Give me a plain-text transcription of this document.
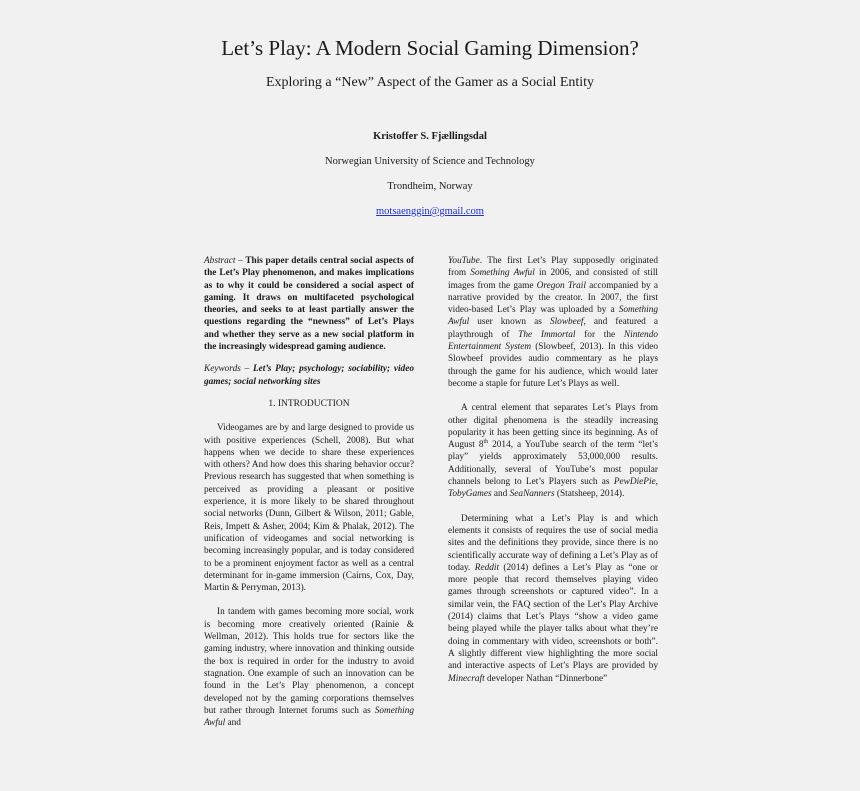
Let’s Play: A Modern Social Gaming Dimension?
Exploring a “New” Aspect of the Gamer as a Social Entity
Kristoffer S. Fjællingsdal
Norwegian University of Science and Technology
Trondheim, Norway
motsaenggin@gmail.com

Abstract – This paper details central social aspects of the Let’s Play phenomenon, and makes implications as to why it could be considered a social aspect of gaming. It draws on multifaceted psychological theories, and seeks to at least partially answer the questions regarding the “newness” of Let’s Plays and whether they serve as a new social platform in the increasingly widespread gaming audience.

Keywords – Let’s Play; psychology; sociability; video games; social networking sites

1. INTRODUCTION

Videogames are by and large designed to provide us with positive experiences (Schell, 2008). But what happens when we decide to share these experiences with others? And how does this sharing behavior occur? Previous research has suggested that when something is perceived as providing a pleasant or positive experience, it is more likely to be shared throughout social networks (Dunn, Gilbert & Wilson, 2011; Gable, Reis, Impett & Asher, 2004; Kim & Phalak, 2012). The unification of videogames and social networking is becoming increasingly popular, and is today considered to be a prominent enjoyment factor as well as a central determinant for in-game immersion (Cairns, Cox, Day, Martin & Perryman, 2013).

In tandem with games becoming more social, work is becoming more creatively oriented (Rainie & Wellman, 2012). This holds true for sectors like the gaming industry, where innovation and thinking outside the box is required in order for the industry to avoid stagnation. One example of such an innovation can be found in the Let’s Play phenomenon, a concept developed not by the gaming corporations themselves but rather through Internet forums such as Something Awful and

YouTube. The first Let’s Play supposedly originated from Something Awful in 2006, and consisted of still images from the game Oregon Trail accompanied by a narrative provided by the creator. In 2007, the first video-based Let’s Play was uploaded by a Something Awful user known as Slowbeef, and featured a playthrough of The Immortal for the Nintendo Entertainment System (Slowbeef, 2013). In this video Slowbeef provides audio commentary as he plays through the game for his audience, which would later become a staple for future Let’s Plays as well.

A central element that separates Let’s Plays from other digital phenomena is the steadily increasing popularity it has been getting since its beginning. As of August 8th 2014, a YouTube search of the term “let’s play” yields approximately 53,000,000 results. Additionally, several of YouTube’s most popular channels belong to Let’s Players such as PewDiePie, TobyGames and SeaNanners (Statsheep, 2014).

Determining what a Let’s Play is and which elements it consists of requires the use of social media sites and the definitions they provide, since there is no scientifically accurate way of defining a Let’s Play as of today. Reddit (2014) defines a Let’s Play as “one or more people that record themselves playing video games through screenshots or captured video”. In a similar vein, the FAQ section of the Let’s Play Archive (2014) claims that Let’s Plays “show a video game being played while the player talks about what they’re doing in commentary with video, screenshots or both”. A slightly different view highlighting the more social and interactive aspects of Let’s Plays are provided by Minecraft developer Nathan “Dinnerbone”
